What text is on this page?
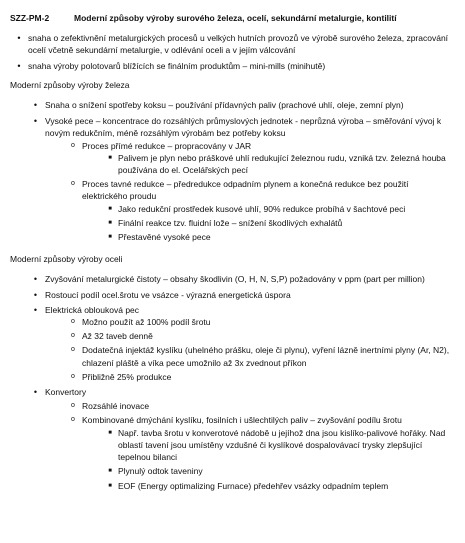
SZZ-PM-2	Moderní způsoby výroby surového železa, ocelí, sekundární metalurgie, kontilití
• snaha o zefektivnění metalurgických procesů u velkých hutních provozů ve výrobě surového železa, zpracování ocelí včetně sekundární metalurgie, v odlévání oceli a v jejím válcování
• snaha výroby polotovarů blížících se finálním produktům – mini-mills (minihutě)
Moderní způsoby výroby železa
• Snaha o snížení spotřeby koksu – používání přídavných paliv (prachové uhlí, oleje, zemní plyn)
• Vysoké pece – koncentrace do rozsáhlých průmyslových jednotek - neprůzná výroba – směřování vývoj k novým redukčním, méně rozsáhlým výrobám bez potřeby koksu
o Proces přímé redukce – propracovány v JAR
■ Palivem je plyn nebo práškové uhlí redukující železnou rudu, vzniká tzv. železná houba používána do el. Ocelářských pecí
o Proces tavné redukce – předredukce odpadním plynem a konečná redukce bez použití elektrického proudu
■ Jako redukční prostředek kusové uhlí, 90% redukce probíhá v šachtové peci
■ Finální reakce tzv. fluidní lože – snížení škodlivých exhalátů
■ Přestavěné vysoké pece
Moderní způsoby výroby oceli
• Zvyšování metalurgické čistoty – obsahy škodlivin (O, H, N, S,P) požadovány v ppm (part per million)
• Rostoucí podíl ocel.šrotu ve vsázce - výrazná energetická úspora
• Elektrická oblouková pec
o Možno použít až 100% podíl šrotu
o Až 32 taveb denně
o Dodatečná injektáž kyslíku (uhelného prášku, oleje či plynu), vyření lázně inertními plyny (Ar, N2), chlazení pláště a víka pece umožnilo až 3x zvednout příkon
o Přibližně 25% produkce
• Konvertory
o Rozsáhlé inovace
o Kombinované dmýchání kyslíku, fosilních i ušlechtilých paliv – zvyšování podílu šrotu
■ Např. tavba šrotu v konverotové nádobě u jejíhož dna jsou kislíko-palivové hořáky. Nad oblastí tavení jsou umístěny vzdušné či kyslíkové dospalovávací trysky zlepšující tepelnou bilanci
■ Plynulý odtok taveniny
■ EOF (Energy optimalizing Furnace) předehřev vsázky odpadním teplem
